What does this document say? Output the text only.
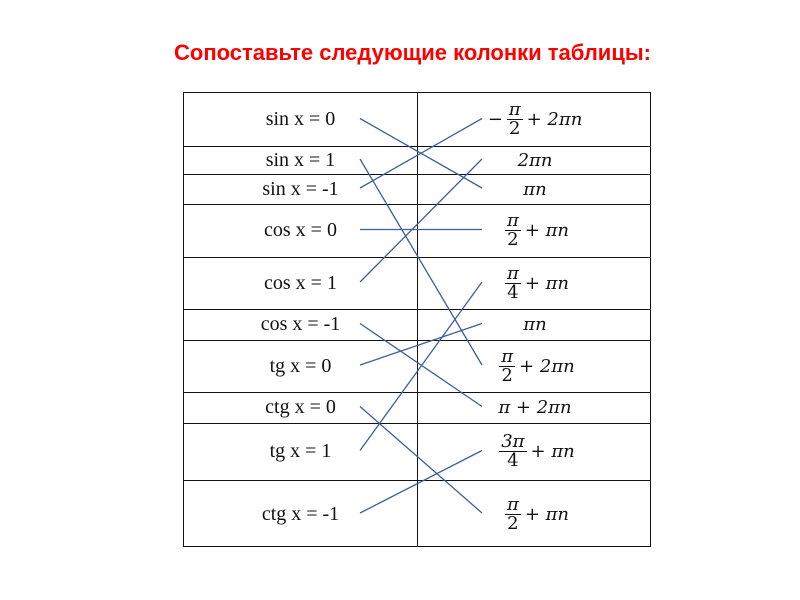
Сопоставьте следующие колонки таблицы:
sin x = 0
sin x = 1
sin x = -1
cos x = 0
cos x = 1
cos x = -1
tg x = 0
ctg x = 0
tg x = 1
ctg x = -1
− $\frac{\pi}{2} + 2\pi n$
2πn
πn
$\frac{\pi}{2} + \pi n$
$\frac{\pi}{4} + \pi n$
πn
$\frac{\pi}{2} + 2\pi n$
π + 2πn
$\frac{3\pi}{4} + \pi n$
$\frac{\pi}{2} + \pi n$
